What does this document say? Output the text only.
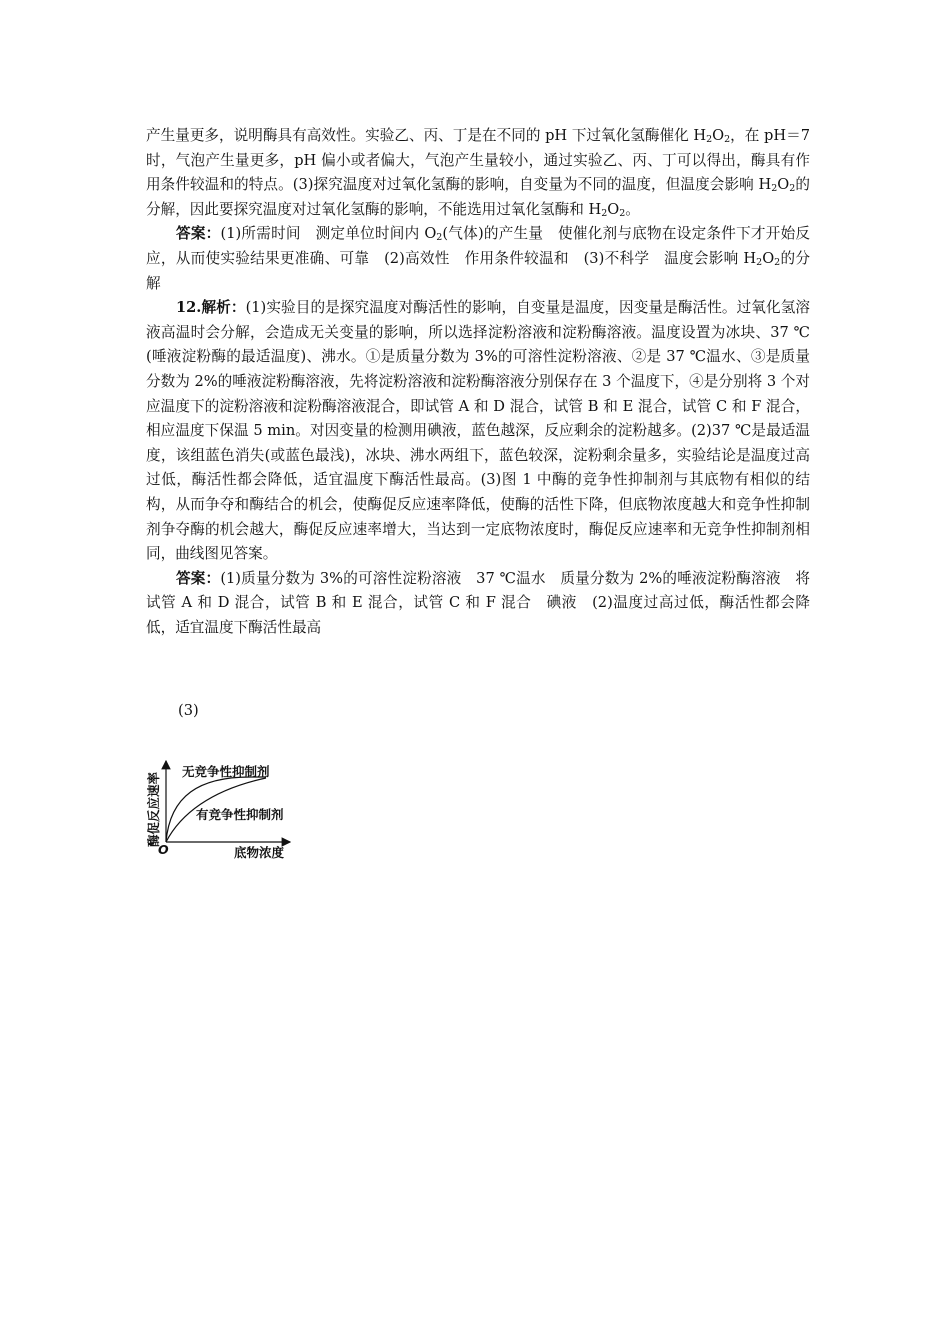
产生量更多，说明酶具有高效性。实验乙、丙、丁是在不同的 pH 下过氧化氢酶催化 $H_2O_2$，在 pH＝7 时，气泡产生量更多，pH 偏小或者偏大，气泡产生量较小，通过实验乙、丙、丁可以得出，酶具有作用条件较温和的特点。(3)探究温度对过氧化氢酶的影响，自变量为不同的温度，但温度会影响 $H_2O_2$的分解，因此要探究温度对过氧化氢酶的影响，不能选用过氧化氢酶和 $H_2O_2$。

答案：(1)所需时间　测定单位时间内 $O_2$(气体)的产生量　使催化剂与底物在设定条件下才开始反应，从而使实验结果更准确、可靠　(2)高效性　作用条件较温和　(3)不科学　温度会影响 $H_2O_2$的分解

12.解析：(1)实验目的是探究温度对酶活性的影响，自变量是温度，因变量是酶活性。过氧化氢溶液高温时会分解，会造成无关变量的影响，所以选择淀粉溶液和淀粉酶溶液。温度设置为冰块、37 ℃(唾液淀粉酶的最适温度)、沸水。①是质量分数为 3%的可溶性淀粉溶液、②是 37 ℃温水、③是质量分数为 2%的唾液淀粉酶溶液，先将淀粉溶液和淀粉酶溶液分别保存在 3 个温度下，④是分别将 3 个对应温度下的淀粉溶液和淀粉酶溶液混合，即试管 A 和 D 混合，试管 B 和 E 混合，试管 C 和 F 混合，相应温度下保温 5 min。对因变量的检测用碘液，蓝色越深，反应剩余的淀粉越多。(2)37 ℃是最适温度，该组蓝色消失(或蓝色最浅)，冰块、沸水两组下，蓝色较深，淀粉剩余量多，实验结论是温度过高过低，酶活性都会降低，适宜温度下酶活性最高。(3)图 1 中酶的竞争性抑制剂与其底物有相似的结构，从而争夺和酶结合的机会，使酶促反应速率降低，使酶的活性下降，但底物浓度越大和竞争性抑制剂争夺酶的机会越大，酶促反应速率增大，当达到一定底物浓度时，酶促反应速率和无竞争性抑制剂相同，曲线图见答案。

答案：(1)质量分数为 3%的可溶性淀粉溶液　37 ℃温水　质量分数为 2%的唾液淀粉酶溶液　将试管 A 和 D 混合，试管 B 和 E 混合，试管 C 和 F 混合　碘液　(2)温度过高过低，酶活性都会降低，适宜温度下酶活性最高

(3)
无竞争性抑制剂
有竞争性抑制剂
O	底物浓度
酶促反应速率
